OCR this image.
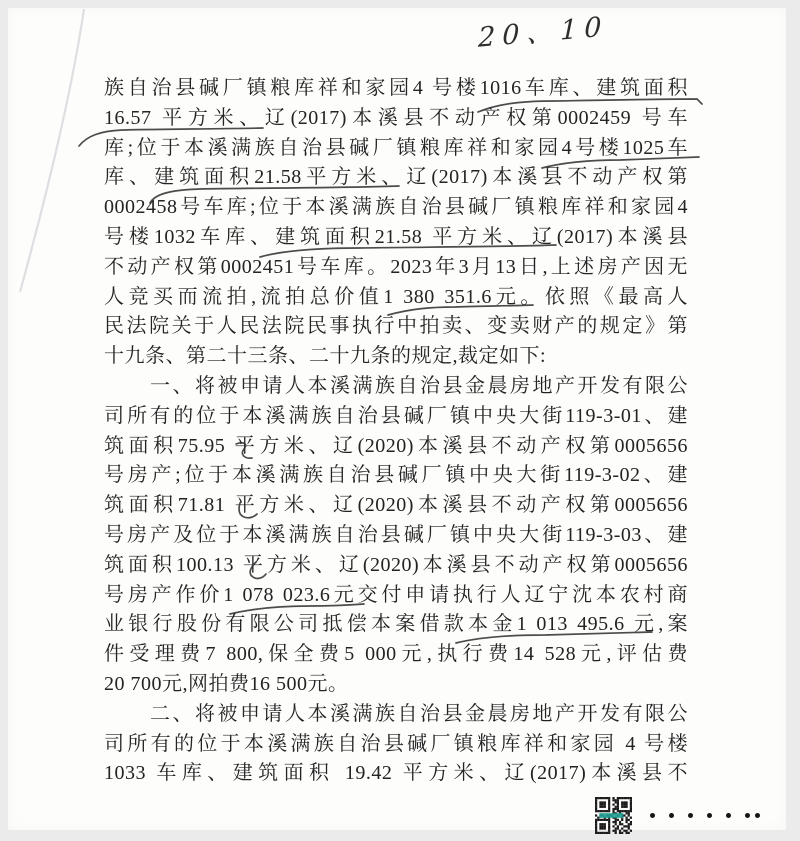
20、10
族自治县碱厂镇粮库祥和家园4 号楼1016车库、建筑面积
16.57 平方米、辽(2017)本溪县不动产权第0002459 号车
库;位于本溪满族自治县碱厂镇粮库祥和家园4号楼1025车
库、建筑面积21.58平方米、辽(2017)本溪县不动产权第
0002458号车库;位于本溪满族自治县碱厂镇粮库祥和家园4
号楼1032车库、建筑面积21.58 平方米、辽(2017)本溪县
不动产权第0002451号车库。2023年3月13日,上述房产因无
人竞买而流拍,流拍总价值1 380 351.6元。依照《最高人
民法院关于人民法院民事执行中拍卖、变卖财产的规定》第
十九条、第二十三条、二十九条的规定,裁定如下:
一、将被申请人本溪满族自治县金晨房地产开发有限公
司所有的位于本溪满族自治县碱厂镇中央大街119-3-01、建
筑面积75.95 平方米、辽(2020)本溪县不动产权第0005656
号房产;位于本溪满族自治县碱厂镇中央大街119-3-02、建
筑面积71.81 平方米、辽(2020)本溪县不动产权第0005656
号房产及位于本溪满族自治县碱厂镇中央大街119-3-03、建
筑面积100.13 平方米、辽(2020)本溪县不动产权第0005656
号房产作价1 078 023.6元交付申请执行人辽宁沈本农村商
业银行股份有限公司抵偿本案借款本金1 013 495.6 元,案
件受理费7 800,保全费5 000元,执行费14 528元,评估费
20 700元,网拍费16 500元。
二、将被申请人本溪满族自治县金晨房地产开发有限公
司所有的位于本溪满族自治县碱厂镇粮库祥和家园 4 号楼
1033 车库、建筑面积 19.42 平方米、辽(2017)本溪县不
